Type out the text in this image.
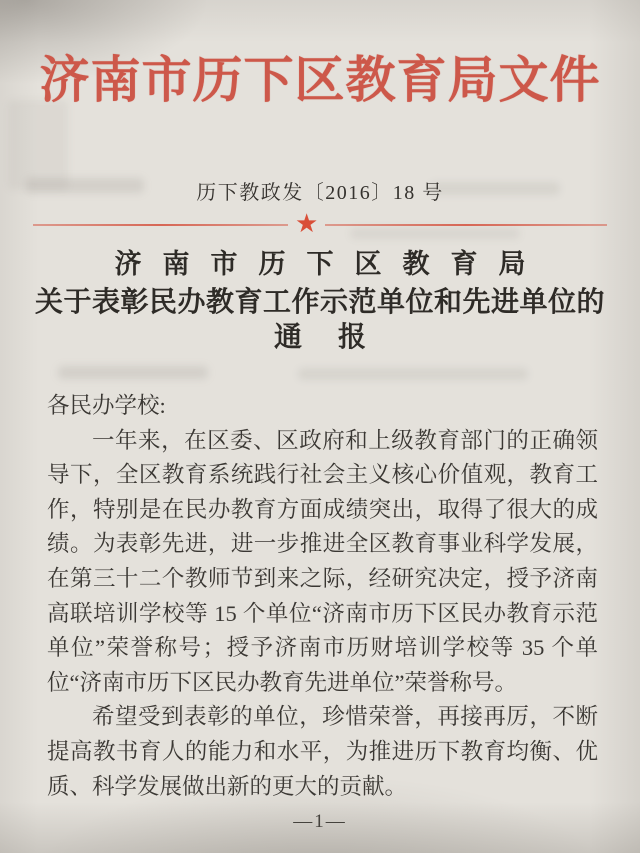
济南市历下区教育局文件
历下教政发〔2016〕18 号
★
济南市历下区教育局
关于表彰民办教育工作示范单位和先进单位的
通报

各民办学校:

一年来，在区委、区政府和上级教育部门的正确领导下，全区教育系统践行社会主义核心价值观，教育工作，特别是在民办教育方面成绩突出，取得了很大的成绩。为表彰先进，进一步推进全区教育事业科学发展，在第三十二个教师节到来之际，经研究决定，授予济南高联培训学校等 15 个单位“济南市历下区民办教育示范单位”荣誉称号；授予济南市历财培训学校等 35 个单位“济南市历下区民办教育先进单位”荣誉称号。

希望受到表彰的单位，珍惜荣誉，再接再厉，不断提高教书育人的能力和水平，为推进历下教育均衡、优质、科学发展做出新的更大的贡献。

—1—
